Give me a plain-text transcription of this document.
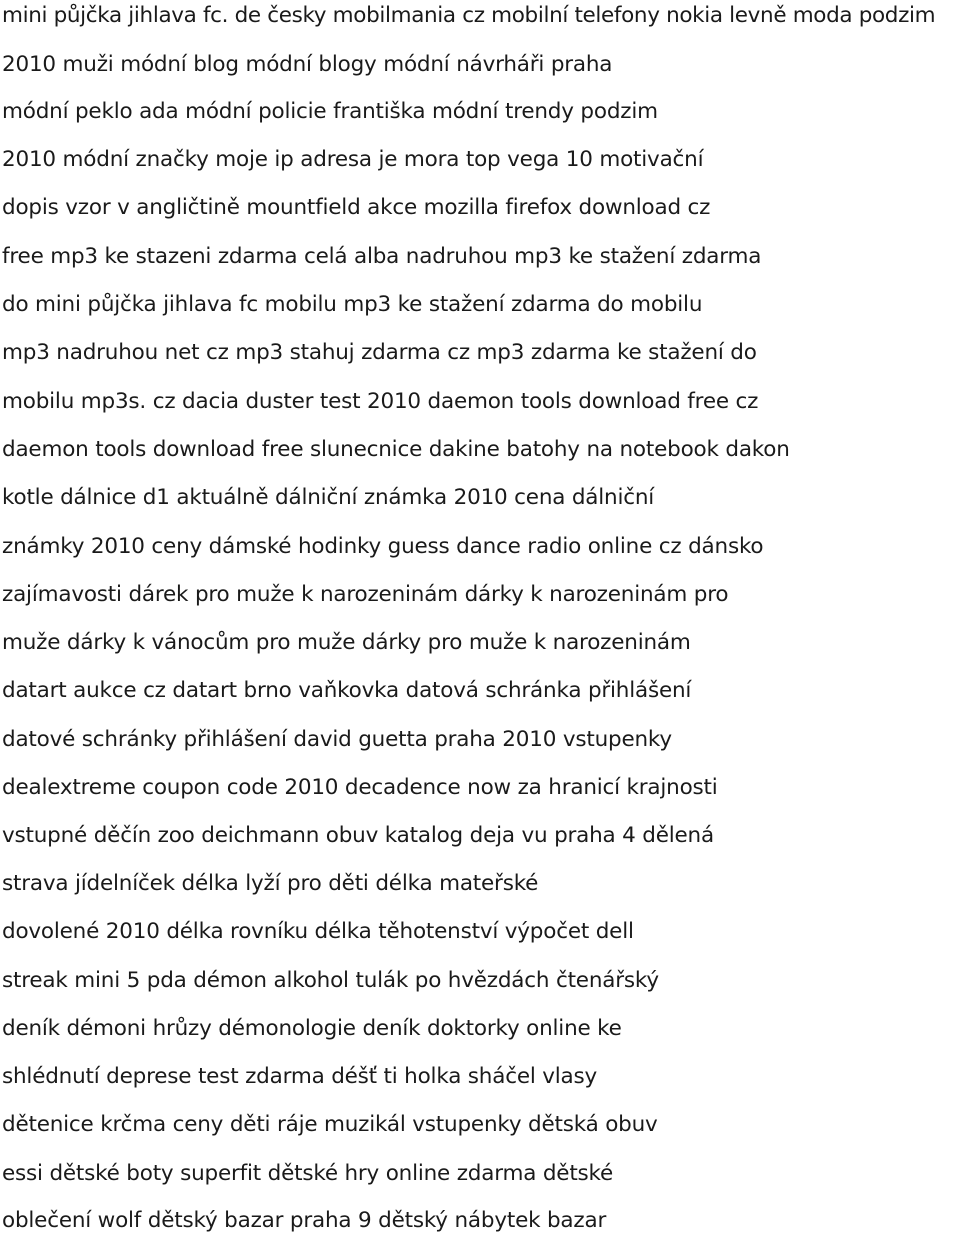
mini půjčka jihlava fc. de česky mobilmania cz mobilní telefony nokia levně moda podzim
2010 muži módní blog módní blogy módní návrháři praha
módní peklo ada módní policie františka módní trendy podzim
2010 módní značky moje ip adresa je mora top vega 10 motivační
dopis vzor v angličtině mountfield akce mozilla firefox download cz
free mp3 ke stazeni zdarma celá alba nadruhou mp3 ke stažení zdarma
do mini půjčka jihlava fc mobilu mp3 ke stažení zdarma do mobilu
mp3 nadruhou net cz mp3 stahuj zdarma cz mp3 zdarma ke stažení do
mobilu mp3s. cz dacia duster test 2010 daemon tools download free cz
daemon tools download free slunecnice dakine batohy na notebook dakon
kotle dálnice d1 aktuálně dálniční známka 2010 cena dálniční
známky 2010 ceny dámské hodinky guess dance radio online cz dánsko
zajímavosti dárek pro muže k narozeninám dárky k narozeninám pro
muže dárky k vánocům pro muže dárky pro muže k narozeninám
datart aukce cz datart brno vaňkovka datová schránka přihlášení
datové schránky přihlášení david guetta praha 2010 vstupenky
dealextreme coupon code 2010 decadence now za hranicí krajnosti
vstupné děčín zoo deichmann obuv katalog deja vu praha 4 dělená
strava jídelníček délka lyží pro děti délka mateřské
dovolené 2010 délka rovníku délka těhotenství výpočet dell
streak mini 5 pda démon alkohol tulák po hvězdách čtenářský
deník démoni hrůzy démonologie deník doktorky online ke
shlédnutí deprese test zdarma déšť ti holka sháčel vlasy
dětenice krčma ceny děti ráje muzikál vstupenky dětská obuv
essi dětské boty superfit dětské hry online zdarma dětské
oblečení wolf dětský bazar praha 9 dětský nábytek bazar
